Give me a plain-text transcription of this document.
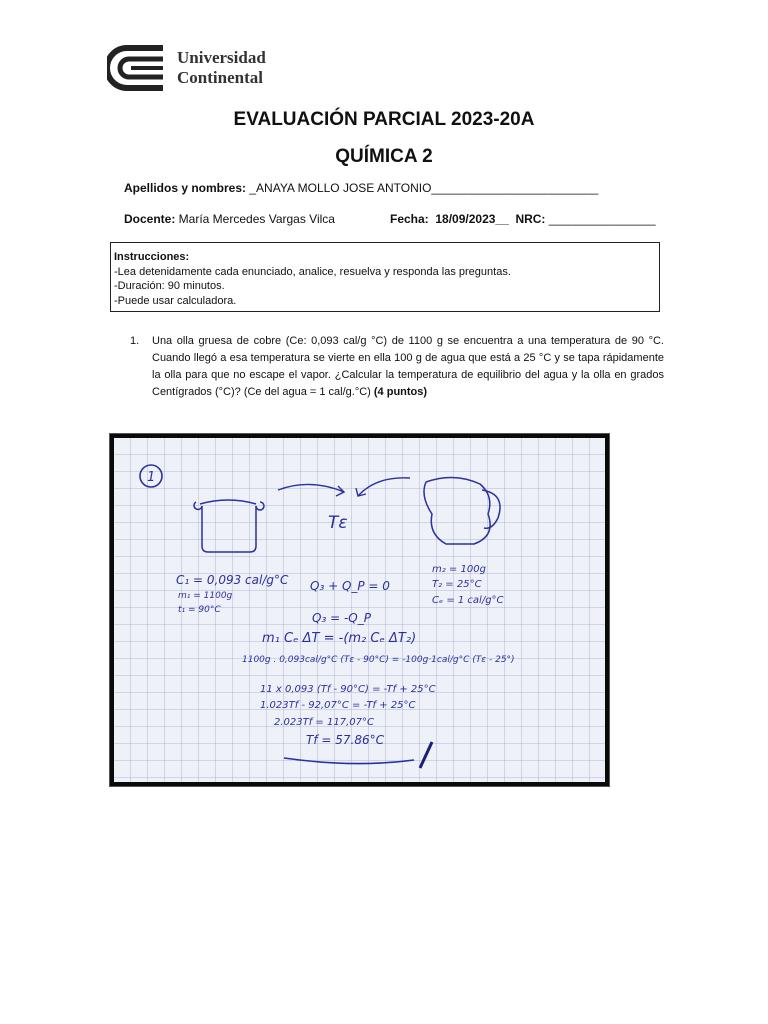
Universidad
Continental
EVALUACIÓN PARCIAL 2023-20A
QUÍMICA 2
Apellidos y nombres: _ANAYA MOLLO JOSE ANTONIO_________________________
Docente: María Mercedes Vargas Vilca	Fecha: 18/09/2023__ NRC: ________________
Instrucciones:
-Lea detenidamente cada enunciado, analice, resuelva y responda las preguntas.
-Duración: 90 minutos.
-Puede usar calculadora.
1. Una olla gruesa de cobre (Ce: 0,093 cal/g °C) de 1100 g se encuentra a una temperatura de 90 °C. Cuando llegó a esa temperatura se vierte en ella 100 g de agua que está a 25 °C y se tapa rápidamente la olla para que no escape el vapor. ¿Calcular la temperatura de equilibrio del agua y la olla en grados Centígrados (°C)? (Ce del agua = 1 cal/g.°C) (4 puntos)
1
Tε
C₁ = 0,093 cal/g°C
m₁ = 1100g
t₁ = 90°C
m₂ = 100g
T₂ = 25°C
Cₑ = 1 cal/g°C
Q₃ + Q_P = 0
Q₃ = -Q_P
m₁ Cₑ ΔT = -(m₂ Cₑ ΔT₂)
1100g . 0,093cal/g°C (Tε - 90°C) = -100g·1cal/g°C (Tε - 25°)
11 x 0,093 (Tf - 90°C) = -Tf + 25°C
1.023Tf - 92,07°C = -Tf + 25°C
2.023Tf = 117,07°C
Tf = 57.86°C
